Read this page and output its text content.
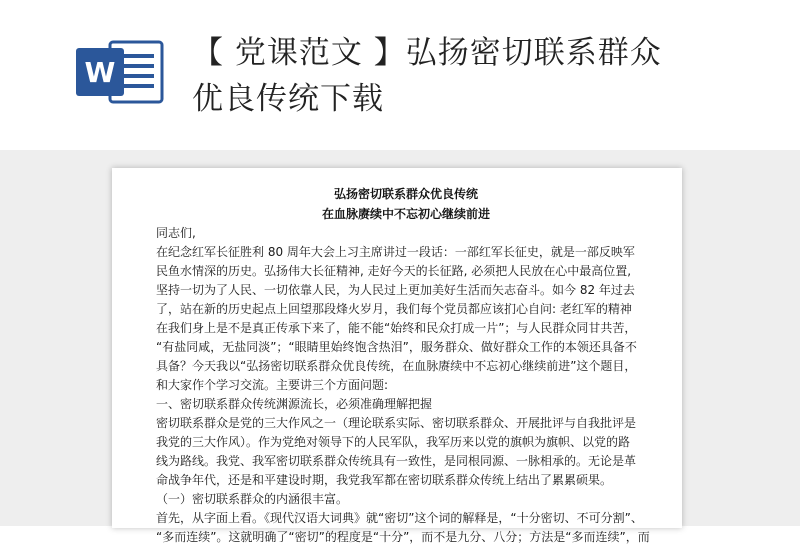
W
【 党课范文 】弘扬密切联系群众
优良传统下载
弘扬密切联系群众优良传统
在血脉赓续中不忘初心继续前进

同志们,

在纪念红军长征胜利 80 周年大会上习主席讲过一段话：一部红军长征史，就是一部反映军

民鱼水情深的历史。弘扬伟大长征精神, 走好今天的长征路, 必须把人民放在心中最高位置,

坚持一切为了人民、一切依靠人民，为人民过上更加美好生活而矢志奋斗。如今 82 年过去

了，站在新的历史起点上回望那段烽火岁月，我们每个党员都应该扪心自问: 老红军的精神

在我们身上是不是真正传承下来了，能不能“始终和民众打成一片”；与人民群众同甘共苦，

“有盐同咸，无盐同淡”；“眼睛里始终饱含热泪”，服务群众、做好群众工作的本领还具备不

具备？今天我以“弘扬密切联系群众优良传统，在血脉赓续中不忘初心继续前进”这个题目，

和大家作个学习交流。主要讲三个方面问题:

一、密切联系群众传统渊源流长，必须准确理解把握

密切联系群众是党的三大作风之一（理论联系实际、密切联系群众、开展批评与自我批评是

我党的三大作风）。作为党绝对领导下的人民军队，我军历来以党的旗帜为旗帜、以党的路

线为路线。我党、我军密切联系群众传统具有一致性，是同根同源、一脉相承的。无论是革

命战争年代，还是和平建设时期，我党我军都在密切联系群众传统上结出了累累硕果。

（一）密切联系群众的内涵很丰富。

首先，从字面上看。《现代汉语大词典》就“密切”这个词的解释是，“十分密切、不可分割”、

“多而连续”。这就明确了“密切”的程度是“十分”，而不是九分、八分；方法是“多而连续”，而
